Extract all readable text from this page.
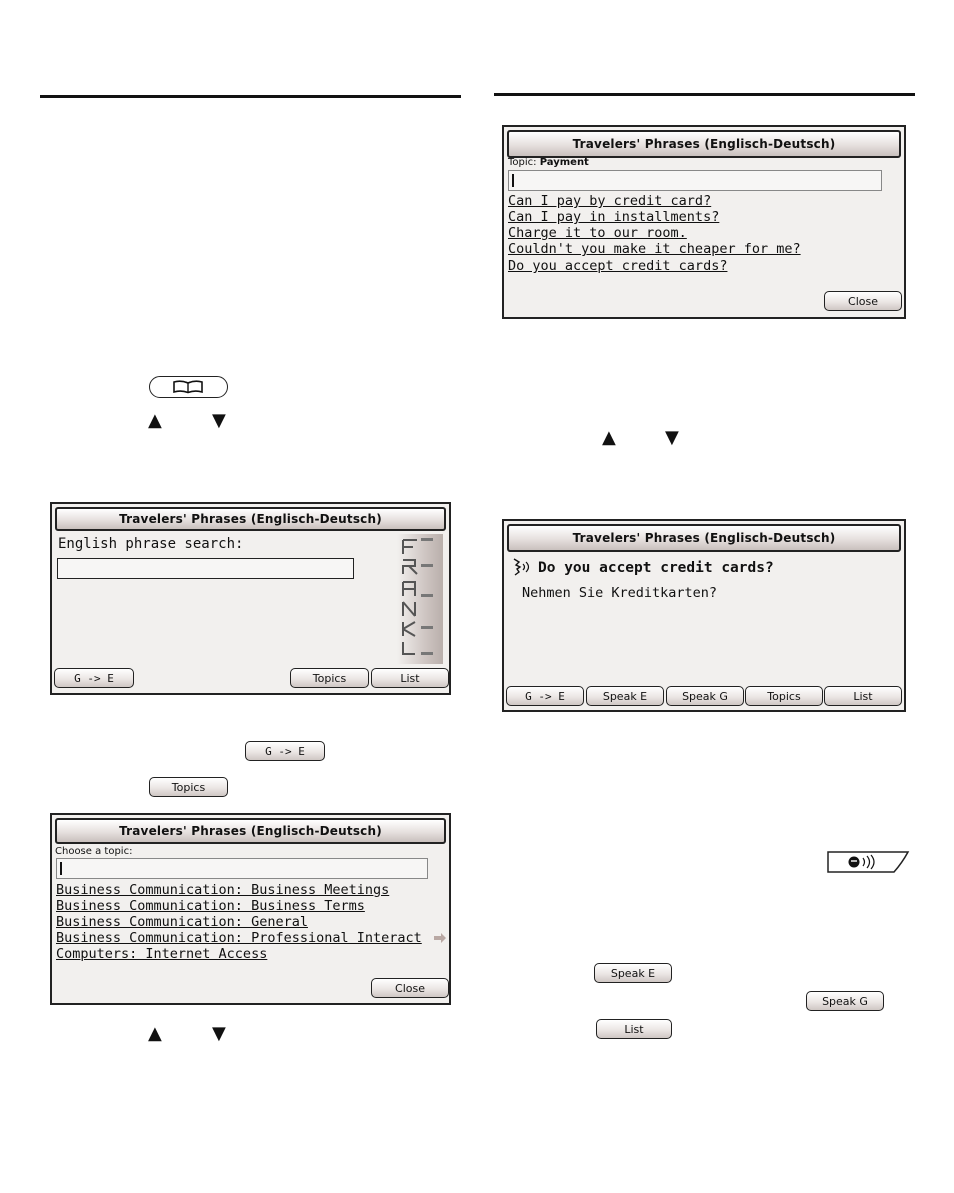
▲	▼
Travelers' Phrases (Englisch-Deutsch)
English phrase search:
G -> E	Topics	List
G -> E
Topics
Travelers' Phrases (Englisch-Deutsch)
Choose a topic:
Business Communication: Business Meetings
Business Communication: Business Terms
Business Communication: General
Business Communication: Professional Interact
Computers: Internet Access
Close
▲	▼
Travelers' Phrases (Englisch-Deutsch)
Topic: Payment
Can I pay by credit card?
Can I pay in installments?
Charge it to our room.
Couldn't you make it cheaper for me?
Do you accept credit cards?
Close
▲	▼
Travelers' Phrases (Englisch-Deutsch)
Do you accept credit cards?
Nehmen Sie Kreditkarten?
G -> E	Speak E	Speak G	Topics	List
Speak E
Speak G
List
